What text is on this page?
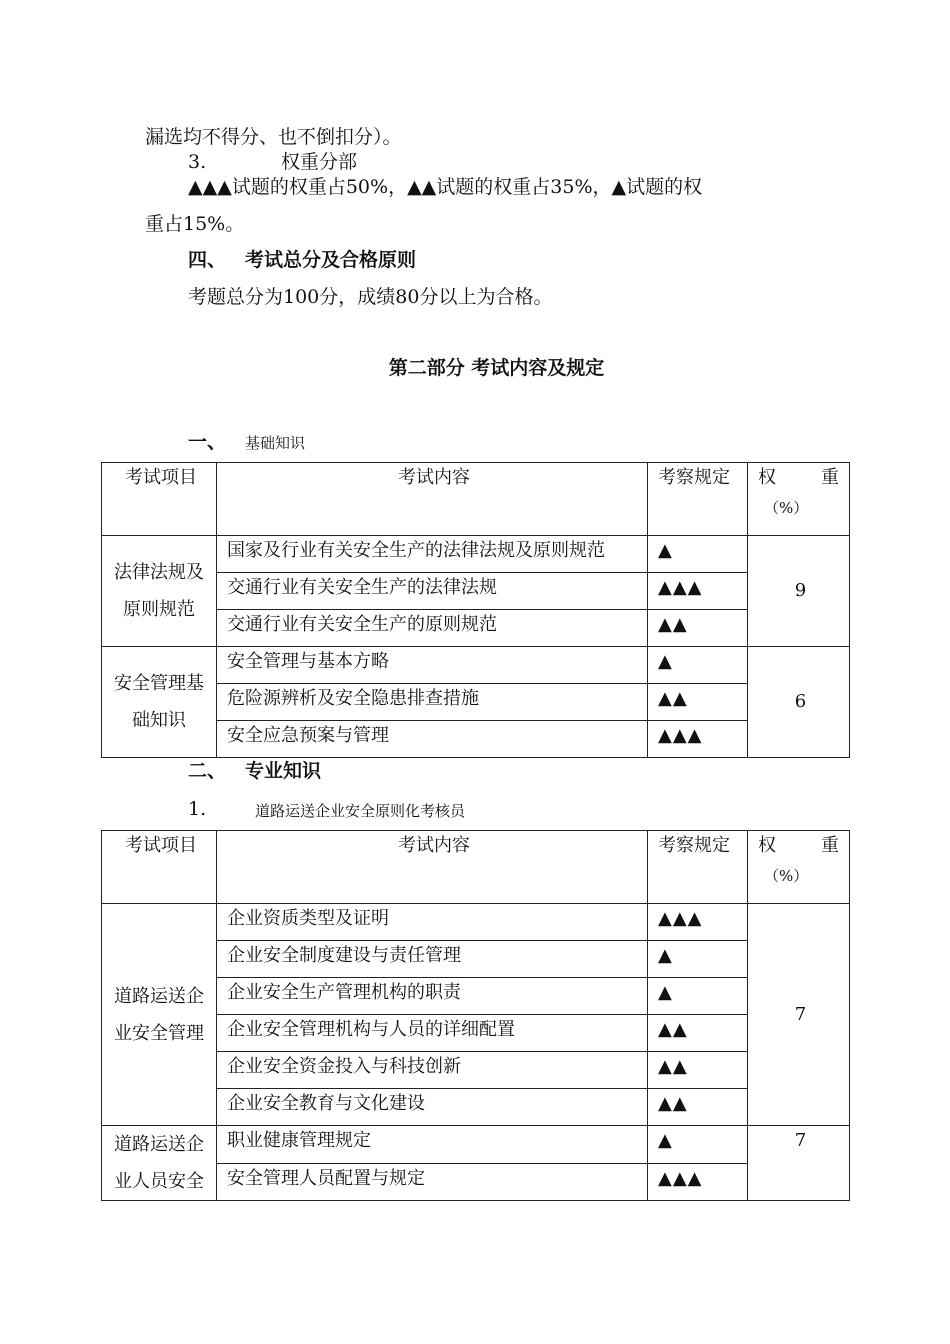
漏选均不得分、也不倒扣分）。
3.	权重分部
▲▲▲试题的权重占50%，▲▲试题的权重占35%，▲试题的权
重占15%。
四、 考试总分及合格原则
考题总分为100分，成绩80分以上为合格。
第二部分 考试内容及规定
一、 基础知识
考试项目	考试内容	考察规定	权 重
（%）

法律法规及原则规范	国家及行业有关安全生产的法律法规及原则规范	▲	9
	交通行业有关安全生产的法律法规	▲▲▲	
	交通行业有关安全生产的原则规范	▲▲	
安全管理基础知识	安全管理与基本方略	▲	6
	危险源辨析及安全隐患排查措施	▲▲	
	安全应急预案与管理	▲▲▲	
二、 专业知识
1.	道路运送企业安全原则化考核员
考试项目	考试内容	考察规定	权 重
（%）

道路运送企业安全管理	企业资质类型及证明	▲▲▲	7
	企业安全制度建设与责任管理	▲	
	企业安全生产管理机构的职责	▲	
	企业安全管理机构与人员的详细配置	▲▲	
	企业安全资金投入与科技创新	▲▲	
	企业安全教育与文化建设	▲▲	
道路运送企业人员安全	职业健康管理规定	▲	7
	安全管理人员配置与规定	▲▲▲	
